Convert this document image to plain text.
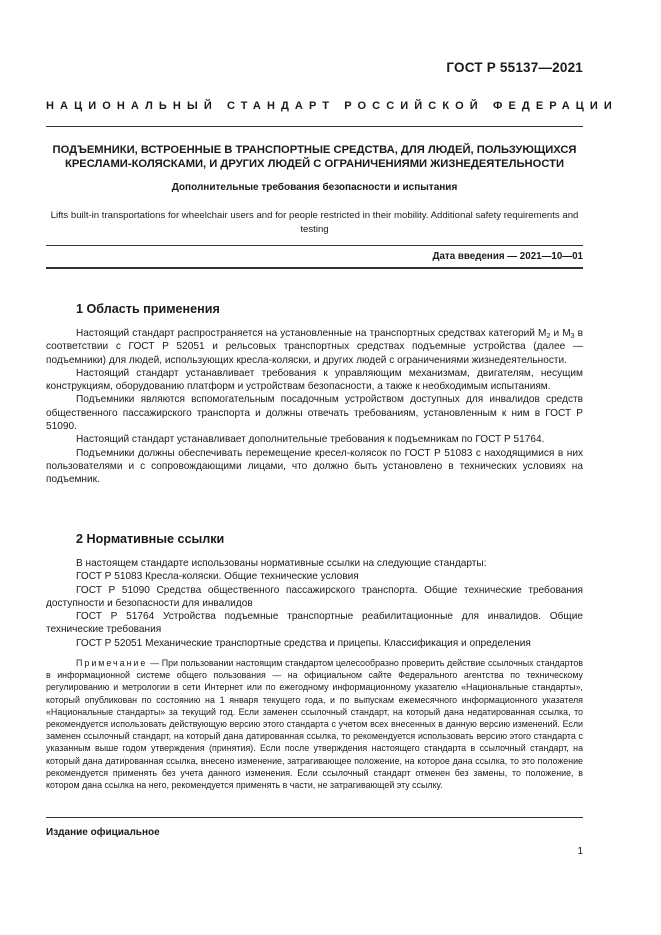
ГОСТ Р 55137—2021
НАЦИОНАЛЬНЫЙ СТАНДАРТ РОССИЙСКОЙ ФЕДЕРАЦИИ
ПОДЪЕМНИКИ, ВСТРОЕННЫЕ В ТРАНСПОРТНЫЕ СРЕДСТВА, ДЛЯ ЛЮДЕЙ, ПОЛЬЗУЮЩИХСЯ КРЕСЛАМИ-КОЛЯСКАМИ, И ДРУГИХ ЛЮДЕЙ С ОГРАНИЧЕНИЯМИ ЖИЗНЕДЕЯТЕЛЬНОСТИ
Дополнительные требования безопасности и испытания
Lifts built-in transportations for wheelchair users and for people restricted in their mobility. Additional safety requirements and testing
Дата введения — 2021—10—01
1 Область применения

Настоящий стандарт распространяется на установленные на транспортных средствах категорий $M_2$ и $M_3$ в соответствии с ГОСТ Р 52051 и рельсовых транспортных средствах подъемные устройства (далее — подъемники) для людей, использующих кресла-коляски, и других людей с ограничениями жизнедеятельности.

Настоящий стандарт устанавливает требования к управляющим механизмам, двигателям, несущим конструкциям, оборудованию платформ и устройствам безопасности, а также к необходимым испытаниям.

Подъемники являются вспомогательным посадочным устройством доступных для инвалидов средств общественного пассажирского транспорта и должны отвечать требованиям, установленным к ним в ГОСТ Р 51090.

Настоящий стандарт устанавливает дополнительные требования к подъемникам по ГОСТ Р 51764.

Подъемники должны обеспечивать перемещение кресел-колясок по ГОСТ Р 51083 с находящимися в них пользователями и с сопровождающими лицами, что должно быть установлено в технических условиях на подъемник.

2 Нормативные ссылки

В настоящем стандарте использованы нормативные ссылки на следующие стандарты:

ГОСТ Р 51083 Кресла-коляски. Общие технические условия

ГОСТ Р 51090 Средства общественного пассажирского транспорта. Общие технические требования доступности и безопасности для инвалидов

ГОСТ Р 51764 Устройства подъемные транспортные реабилитационные для инвалидов. Общие технические требования

ГОСТ Р 52051 Механические транспортные средства и прицепы. Классификация и определения

Примечание — При пользовании настоящим стандартом целесообразно проверить действие ссылочных стандартов в информационной системе общего пользования — на официальном сайте Федерального агентства по техническому регулированию и метрологии в сети Интернет или по ежегодному информационному указателю «Национальные стандарты», который опубликован по состоянию на 1 января текущего года, и по выпускам ежемесячного информационного указателя «Национальные стандарты» за текущий год. Если заменен ссылочный стандарт, на который дана недатированная ссылка, то рекомендуется использовать действующую версию этого стандарта с учетом всех внесенных в данную версию изменений. Если заменен ссылочный стандарт, на который дана датированная ссылка, то рекомендуется использовать версию этого стандарта с указанным выше годом утверждения (принятия). Если после утверждения настоящего стандарта в ссылочный стандарт, на который дана датированная ссылка, внесено изменение, затрагивающее положение, на которое дана ссылка, то это положение рекомендуется применять без учета данного изменения. Если ссылочный стандарт отменен без замены, то положение, в котором дана ссылка на него, рекомендуется применять в части, не затрагивающей эту ссылку.
Издание официальное
1
